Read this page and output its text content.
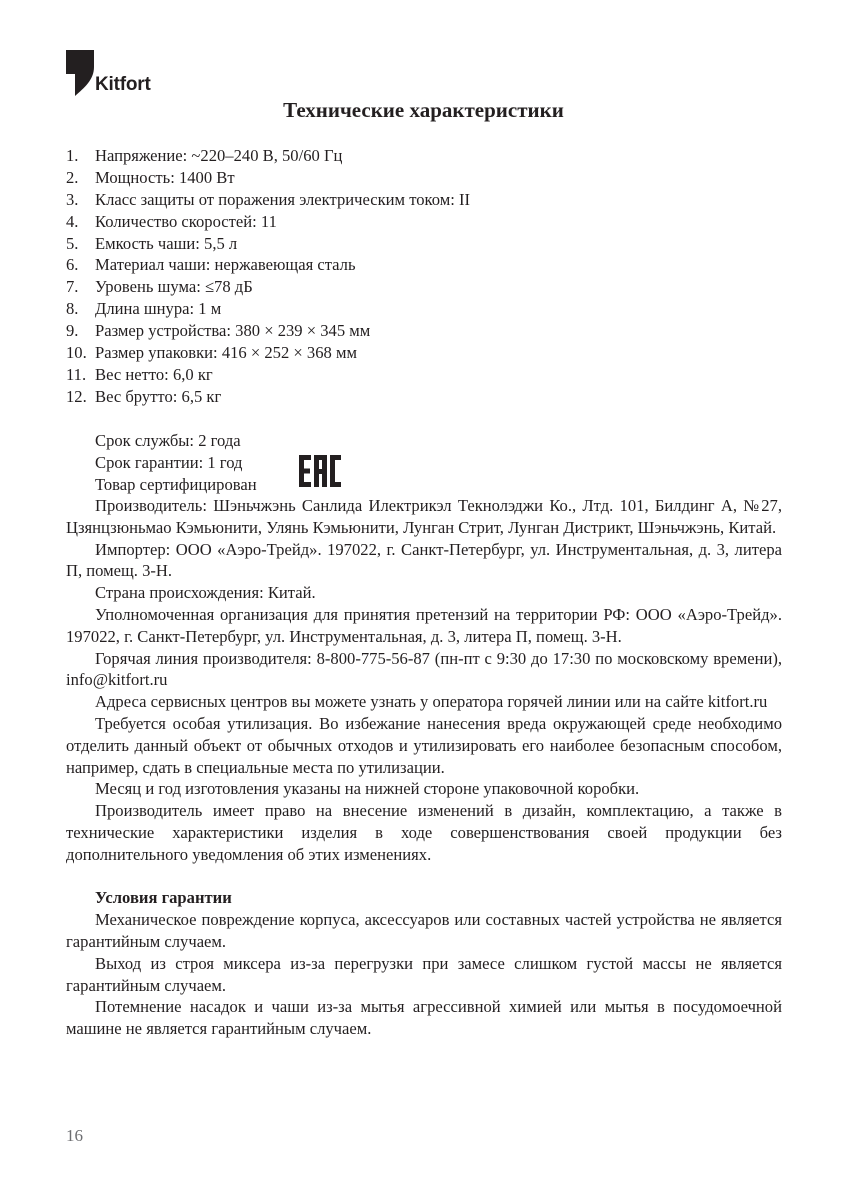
Kitfort
Технические характеристики
1. Напряжение: ~220–240 В, 50/60 Гц
2. Мощность: 1400 Вт
3. Класс защиты от поражения электрическим током: II
4. Количество скоростей: 11
5. Емкость чаши: 5,5 л
6. Материал чаши: нержавеющая сталь
7. Уровень шума: ≤78 дБ
8. Длина шнура: 1 м
9. Размер устройства: 380 × 239 × 345 мм
10. Размер упаковки: 416 × 252 × 368 мм
11. Вес нетто: 6,0 кг
12. Вес брутто: 6,5 кг
Срок службы: 2 года
Срок гарантии: 1 год
Товар сертифицирован

Производитель: Шэньчжэнь Санлида Илектрикэл Текнолэджи Ко., Лтд. 101, Билдинг А, №27, Цзянцзюньмао Кэмьюнити, Улянь Кэмьюнити, Лунган Стрит, Лунган Дистрикт, Шэньчжэнь, Китай.

Импортер: ООО «Аэро-Трейд». 197022, г. Санкт-Петербург, ул. Инструментальная, д. 3, литера П, помещ. 3-Н.

Страна происхождения: Китай.

Уполномоченная организация для принятия претензий на территории РФ: ООО «Аэро-Трейд». 197022, г. Санкт-Петербург, ул. Инструментальная, д. 3, литера П, помещ. 3-Н.

Горячая линия производителя: 8-800-775-56-87 (пн-пт с 9:30 до 17:30 по московскому времени), info@kitfort.ru

Адреса сервисных центров вы можете узнать у оператора горячей линии или на сайте kitfort.ru

Требуется особая утилизация. Во избежание нанесения вреда окружающей среде необходимо отделить данный объект от обычных отходов и утилизировать его наиболее безопасным способом, например, сдать в специальные места по утилизации.

Месяц и год изготовления указаны на нижней стороне упаковочной коробки.

Производитель имеет право на внесение изменений в дизайн, комплектацию, а также в технические характеристики изделия в ходе совершенствования своей продукции без дополнительного уведомления об этих изменениях.

Условия гарантии

Механическое повреждение корпуса, аксессуаров или составных частей устройства не является гарантийным случаем.

Выход из строя миксера из-за перегрузки при замесе слишком густой массы не является гарантийным случаем.

Потемнение насадок и чаши из-за мытья агрессивной химией или мытья в посудомоечной машине не является гарантийным случаем.

16
